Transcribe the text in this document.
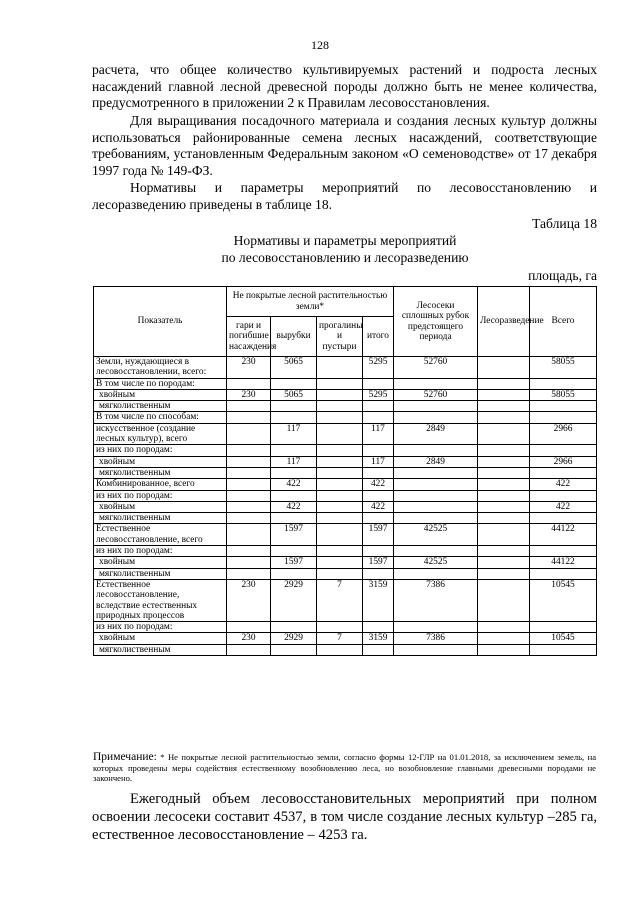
128

расчета, что общее количество культивируемых растений и подроста лесных насаждений главной лесной древесной породы должно быть не менее количества, предусмотренного в приложении 2 к Правилам лесовосстановления.

Для выращивания посадочного материала и создания лесных культур должны использоваться районированные семена лесных насаждений, соответствующие требованиям, установленным Федеральным законом «О семеноводстве» от 17 декабря 1997 года № 149-ФЗ.

Нормативы и параметры мероприятий по лесовосстановлению и лесоразведению приведены в таблице 18.

Таблица 18
Нормативы и параметры мероприятий
по лесовосстановлению и лесоразведению
площадь, га
Показатель	Не покрытые лесной растительностью земли*				Лесосеки сплошных рубок предстоящего периода	Лесоразведение	Всего
	гари и погибшие насаждения	вырубки	прогалины и пустыри	итого			
Земли, нуждающиеся в лесовосстановлении, всего:	230	5065		5295	52760		58055
В том числе по породам:							
хвойным	230	5065		5295	52760		58055
мягколиственным							
В том числе по способам:							
искусственное (создание лесных культур), всего		117		117	2849		2966
из них по породам:							
хвойным		117		117	2849		2966
мягколиственным							
Комбинированное, всего		422		422			422
из них по породам:							
хвойным		422		422			422
мягколиственным							
Естественное лесовосстановление, всего		1597		1597	42525		44122
из них по породам:							
хвойным		1597		1597	42525		44122
мягколиственным							
Естественное лесовосстановление, вследствие естественных природных процессов	230	2929	7	3159	7386		10545
из них по породам:							
хвойным	230	2929	7	3159	7386		10545
мягколиственным							
Примечание: * Не покрытые лесной растительностью земли, согласно формы 12-ГЛР на 01.01.2018, за исключением земель, на которых проведены меры содействия естественному возобновлению леса, но возобновление главными древесными породами не закончено.

Ежегодный объем лесовосстановительных мероприятий при полном освоении лесосеки составит 4537, в том числе создание лесных культур –285 га, естественное лесовосстановление – 4253 га.
